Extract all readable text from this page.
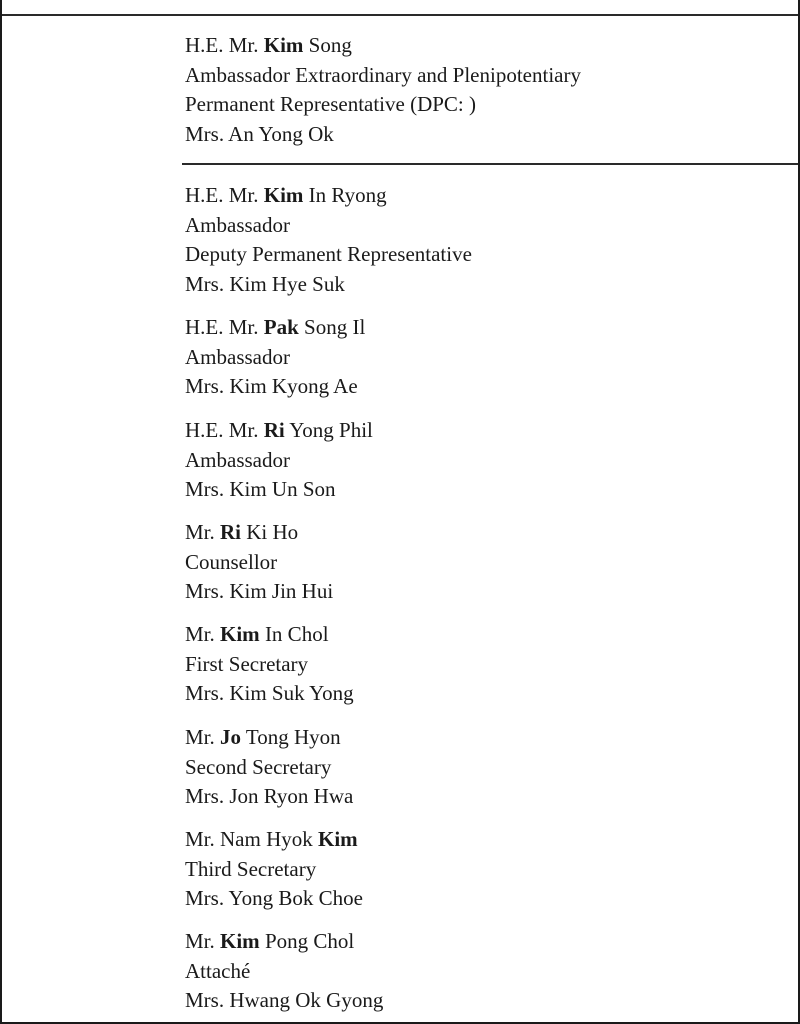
H.E. Mr. Kim Song
Ambassador Extraordinary and Plenipotentiary
Permanent Representative (DPC: )
Mrs. An Yong Ok
H.E. Mr. Kim In Ryong
Ambassador
Deputy Permanent Representative
Mrs. Kim Hye Suk
H.E. Mr. Pak Song Il
Ambassador
Mrs. Kim Kyong Ae
H.E. Mr. Ri Yong Phil
Ambassador
Mrs. Kim Un Son
Mr. Ri Ki Ho
Counsellor
Mrs. Kim Jin Hui
Mr. Kim In Chol
First Secretary
Mrs. Kim Suk Yong
Mr. Jo Tong Hyon
Second Secretary
Mrs. Jon Ryon Hwa
Mr. Nam Hyok Kim
Third Secretary
Mrs. Yong Bok Choe
Mr. Kim Pong Chol
Attaché
Mrs. Hwang Ok Gyong
